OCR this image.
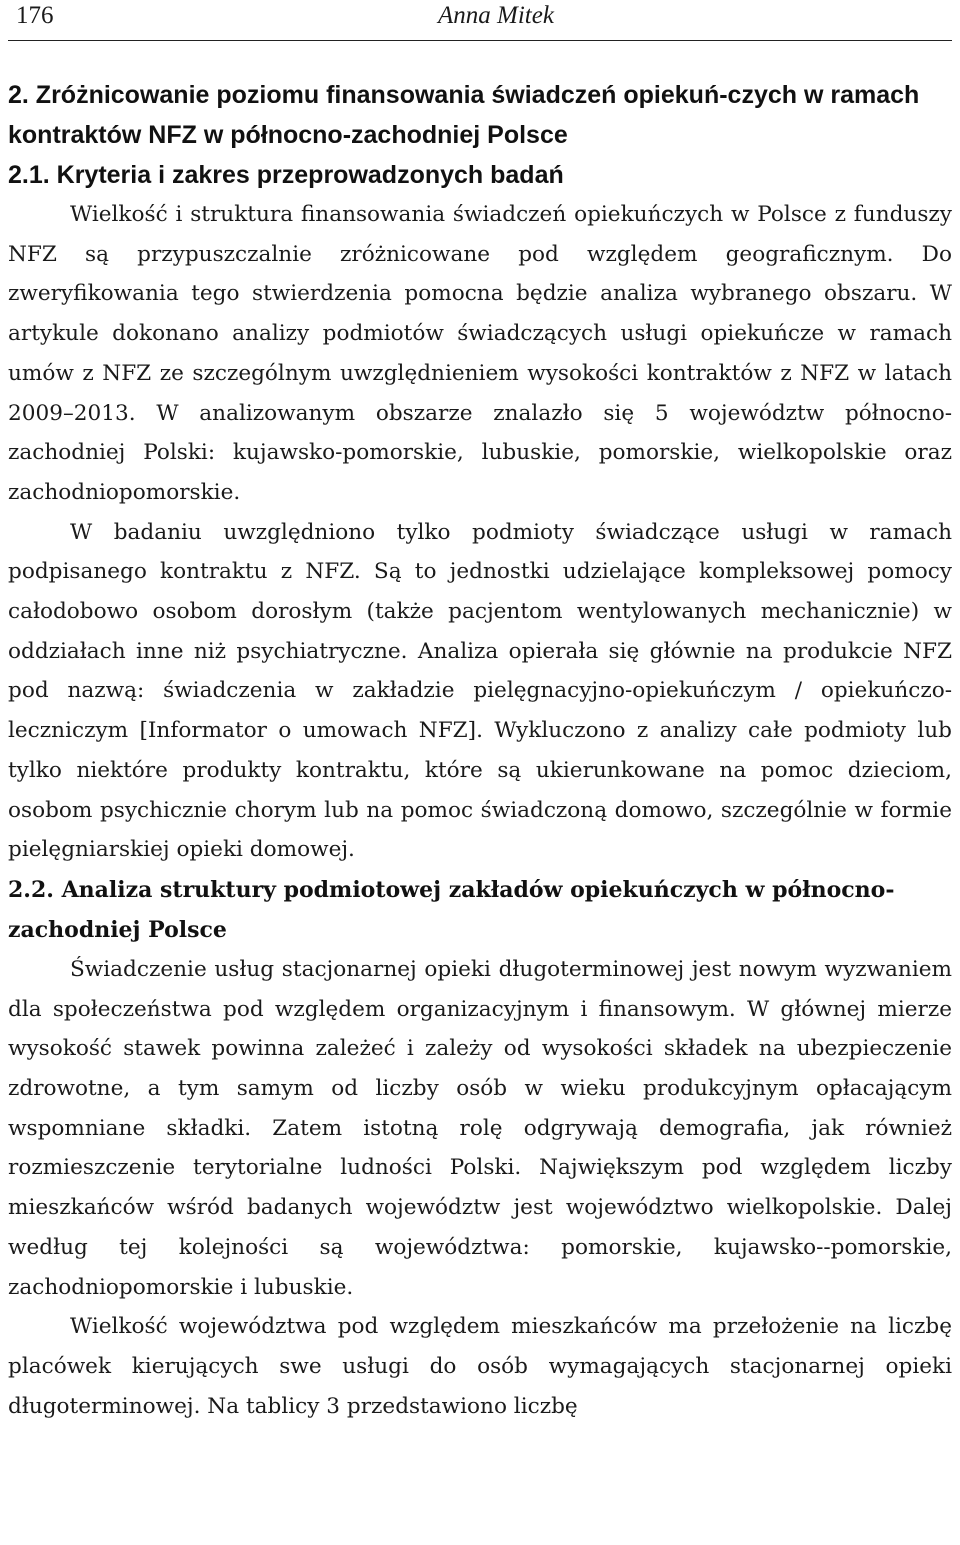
176	Anna Mitek
2. Zróżnicowanie poziomu finansowania świadczeń opiekuń-czych w ramach kontraktów NFZ w północno-zachodniej Polsce
2.1. Kryteria i zakres przeprowadzonych badań

Wielkość i struktura finansowania świadczeń opiekuńczych w Polsce z funduszy NFZ są przypuszczalnie zróżnicowane pod względem geograficznym. Do zweryfikowania tego stwierdzenia pomocna będzie analiza wybranego obszaru. W artykule dokonano analizy podmiotów świadczących usługi opiekuńcze w ramach umów z NFZ ze szczególnym uwzględnieniem wysokości kontraktów z NFZ w latach 2009–2013. W analizowanym obszarze znalazło się 5 województw północno-zachodniej Polski: kujawsko-pomorskie, lubuskie, pomorskie, wielkopolskie oraz zachodniopomorskie.

W badaniu uwzględniono tylko podmioty świadczące usługi w ramach podpisanego kontraktu z NFZ. Są to jednostki udzielające kompleksowej pomocy całodobowo osobom dorosłym (także pacjentom wentylowanych mechanicznie) w oddziałach inne niż psychiatryczne. Analiza opierała się głównie na produkcie NFZ pod nazwą: świadczenia w zakładzie pielęgnacyjno-opiekuńczym / opiekuńczo-leczniczym [Informator o umowach NFZ]. Wykluczono z analizy całe podmioty lub tylko niektóre produkty kontraktu, które są ukierunkowane na pomoc dzieciom, osobom psychicznie chorym lub na pomoc świadczoną domowo, szczególnie w formie pielęgniarskiej opieki domowej.

2.2. Analiza struktury podmiotowej zakładów opiekuńczych w północno-zachodniej Polsce

Świadczenie usług stacjonarnej opieki długoterminowej jest nowym wyzwaniem dla społeczeństwa pod względem organizacyjnym i finansowym. W głównej mierze wysokość stawek powinna zależeć i zależy od wysokości składek na ubezpieczenie zdrowotne, a tym samym od liczby osób w wieku produkcyjnym opłacającym wspomniane składki. Zatem istotną rolę odgrywają demografia, jak również rozmieszczenie terytorialne ludności Polski. Największym pod względem liczby mieszkańców wśród badanych województw jest województwo wielkopolskie. Dalej według tej kolejności są województwa: pomorskie, kujawsko--pomorskie, zachodniopomorskie i lubuskie.

Wielkość województwa pod względem mieszkańców ma przełożenie na liczbę placówek kierujących swe usługi do osób wymagających stacjonarnej opieki długoterminowej. Na tablicy 3 przedstawiono liczbę
